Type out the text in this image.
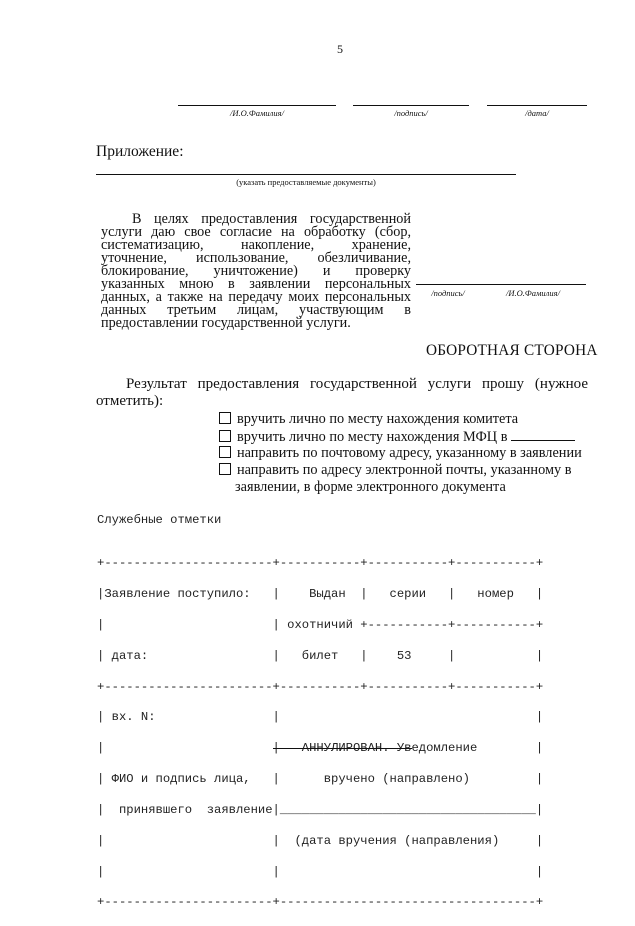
5
/И.О.Фамилия/	/подпись/	/дата/
Приложение:
(указать предоставляемые документы)
В целях предоставления государственной услуги даю свое согласие на обработку (сбор, систематизацию, накопление, хранение, уточнение, использование, обезличивание, блокирование, уничтожение) и проверку указанных мною в заявлении персональных данных, а также на передачу моих персональных данных третьим лицам, участвующим в предоставлении государственной услуги.
/подпись/	/И.О.Фамилия/
ОБОРОТНАЯ СТОРОНА
Результат предоставления государственной услуги прошу (нужное отметить):
вручить лично по месту нахождения комитета
вручить лично по месту нахождения МФЦ в
направить по почтовому адресу, указанному в заявлении
направить по адресу электронной почты, указанному в
заявлении, в форме электронного документа
Служебные отметки

+-----------------------+-----------+-----------+-----------+

|Заявление поступило:   |    Выдан  |   серии   |   номер   |

|                       | охотничий +-----------+-----------+

| дата:                 |   билет   |    53     |           |

+-----------------------+-----------+-----------+-----------+

| вх. N:                |                                   |

|                       |   АННУЛИРОВАН. Уведомление        |

| ФИО и подпись лица,   |      вручено (направлено)         |

|  принявшего  заявление|___________________________________|

|                       |  (дата вручения (направления)     |

|                       |                                   |

+-----------------------+-----------------------------------+
